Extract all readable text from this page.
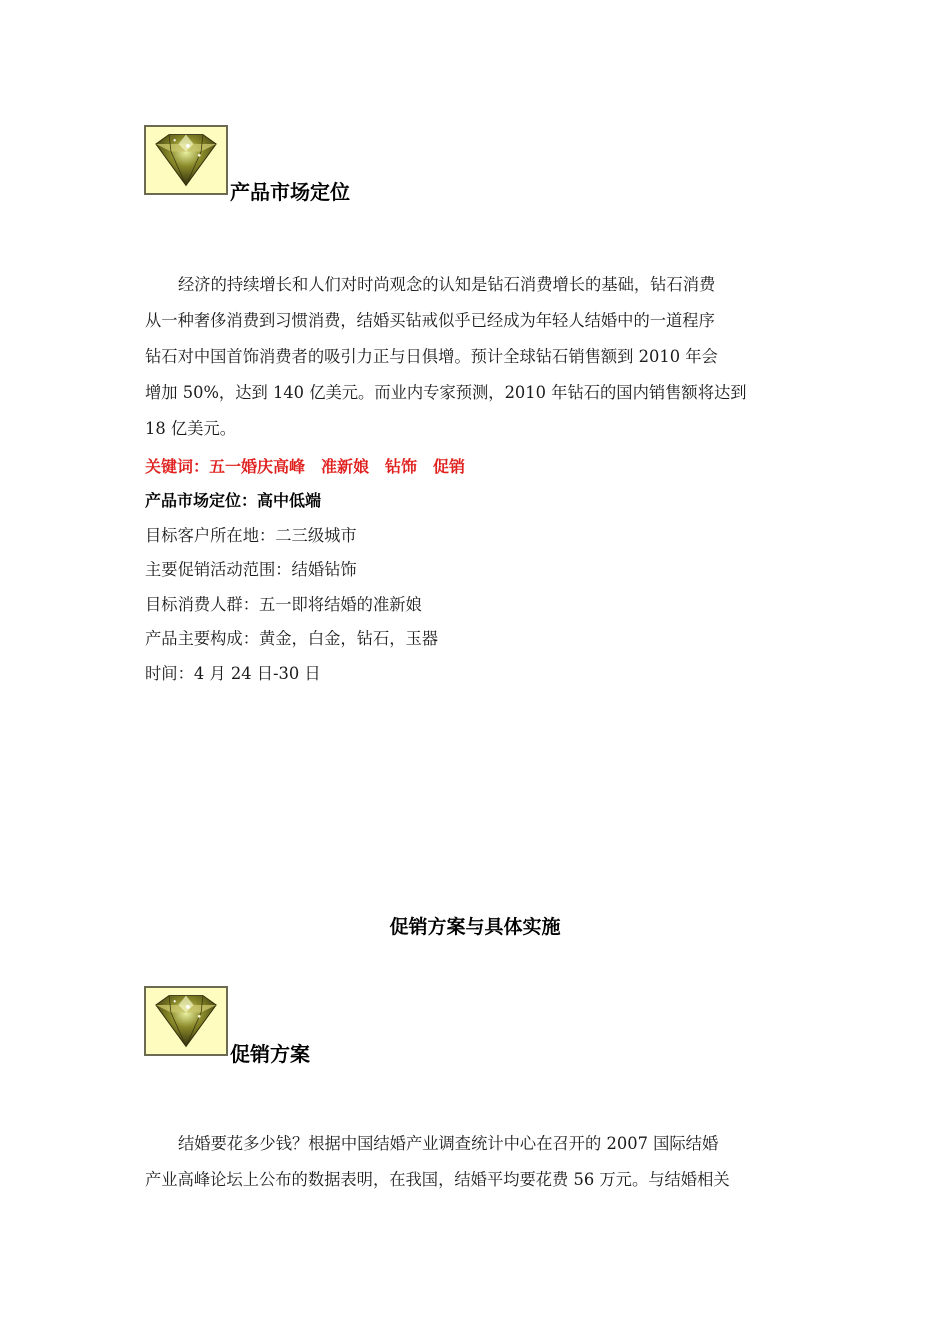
产品市场定位

经济的持续增长和人们对时尚观念的认知是钻石消费增长的基础，钻石消费
从一种奢侈消费到习惯消费，结婚买钻戒似乎已经成为年轻人结婚中的一道程序
钻石对中国首饰消费者的吸引力正与日俱增。预计全球钻石销售额到 2010 年会
增加 50%，达到 140 亿美元。而业内专家预测，2010 年钻石的国内销售额将达到
18 亿美元。

关键词：五一婚庆高峰　准新娘　钻饰　促销
产品市场定位：高中低端
目标客户所在地：二三级城市
主要促销活动范围：结婚钻饰
目标消费人群：五一即将结婚的准新娘
产品主要构成：黄金，白金，钻石，玉器
时间：4 月 24 日-30 日
促销方案与具体实施
促销方案

结婚要花多少钱？根据中国结婚产业调查统计中心在召开的 2007 国际结婚
产业高峰论坛上公布的数据表明，在我国，结婚平均要花费 56 万元。与结婚相关
